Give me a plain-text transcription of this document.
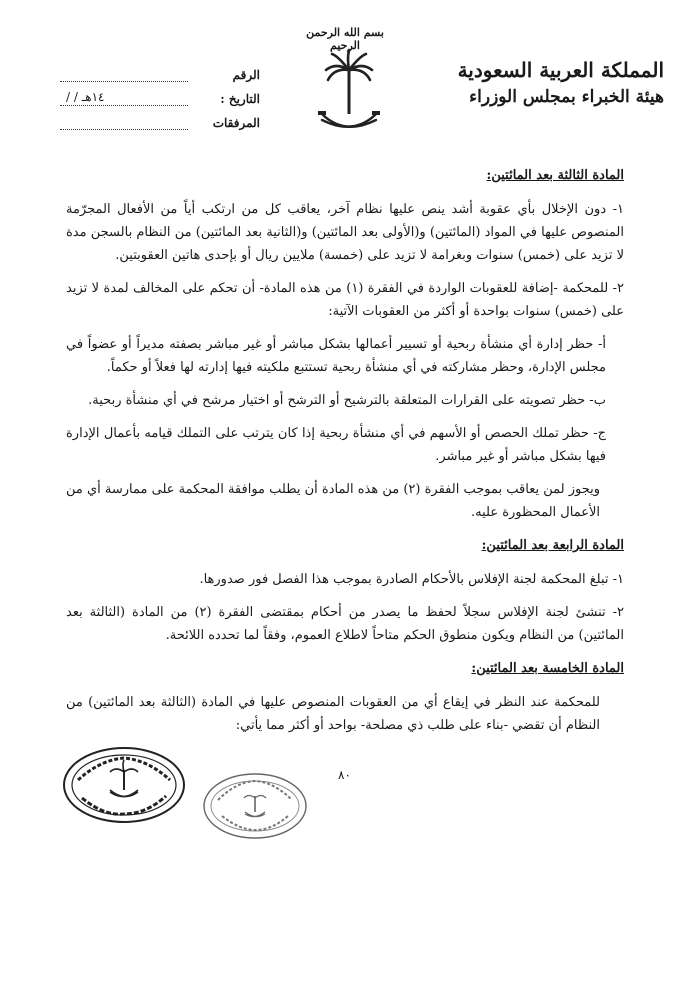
بسم الله الرحمن الرحيم
المملكة العربية السعودية
هيئة الخبراء بمجلس الوزراء
الرقم
التاريخ :
١٤هـ / /
المرفقات

المادة الثالثة بعد المائتين:

١- دون الإخلال بأي عقوبة أشد ينص عليها نظام آخر، يعاقب كل من ارتكب أياً من الأفعال المجرّمة المنصوص عليها في المواد (المائتين) و(الأولى بعد المائتين) و(الثانية بعد المائتين) من النظام بالسجن مدة لا تزيد على (خمس) سنوات وبغرامة لا تزيد على (خمسة) ملايين ريال أو بإحدى هاتين العقوبتين.

٢- للمحكمة -إضافة للعقوبات الواردة في الفقرة (١) من هذه المادة- أن تحكم على المخالف لمدة لا تزيد على (خمس) سنوات بواحدة أو أكثر من العقوبات الآتية:

أ- حظر إدارة أي منشأة ربحية أو تسيير أعمالها بشكل مباشر أو غير مباشر بصفته مديراً أو عضواً في مجلس الإدارة، وحظر مشاركته في أي منشأة ربحية تستتبع ملكيته فيها إدارته لها فعلاً أو حكماً.

ب- حظر تصويته على القرارات المتعلقة بالترشيح أو الترشح أو اختيار مرشح في أي منشأة ربحية.

ج- حظر تملك الحصص أو الأسهم في أي منشأة ربحية إذا كان يترتب على التملك قيامه بأعمال الإدارة فيها بشكل مباشر أو غير مباشر.

ويجوز لمن يعاقب بموجب الفقرة (٢) من هذه المادة أن يطلب موافقة المحكمة على ممارسة أي من الأعمال المحظورة عليه.

المادة الرابعة بعد المائتين:

١- تبلغ المحكمة لجنة الإفلاس بالأحكام الصادرة بموجب هذا الفصل فور صدورها.

٢- تنشئ لجنة الإفلاس سجلاً لحفظ ما يصدر من أحكام بمقتضى الفقرة (٢) من المادة (الثالثة بعد المائتين) من النظام ويكون منطوق الحكم متاحاً لاطلاع العموم، وفقاً لما تحدده اللائحة.

المادة الخامسة بعد المائتين:

للمحكمة عند النظر في إيقاع أي من العقوبات المنصوص عليها في المادة (الثالثة بعد المائتين) من النظام أن تقضي -بناء على طلب ذي مصلحة- بواحد أو أكثر مما يأتي:

٨٠
